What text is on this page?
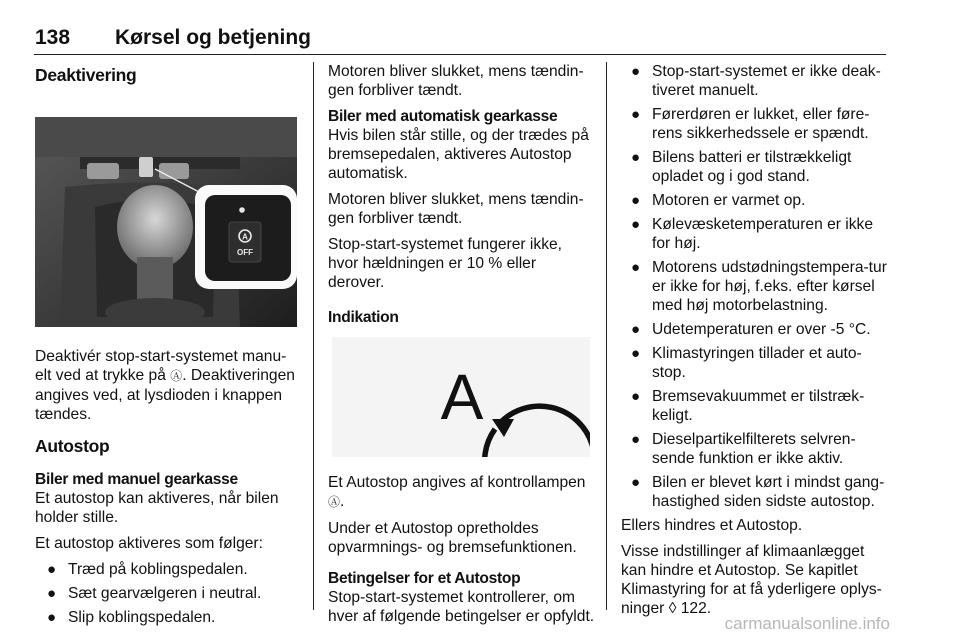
138 Kørsel og betjening
Deaktivering
A
OFF

Deaktivér stop-start-systemet manu-elt ved at trykke på Ⓐ. Deaktiveringen angives ved, at lysdioden i knappen tændes.

Autostop
Biler med manuel gearkasse

Et autostop kan aktiveres, når bilen holder stille.

Et autostop aktiveres som følger:

● Træd på koblingspedalen.
● Sæt gearvælgeren i neutral.
● Slip koblingspedalen.

Motoren bliver slukket, mens tændin-gen forbliver tændt.

Biler med automatisk gearkasse

Hvis bilen står stille, og der trædes på bremsepedalen, aktiveres Autostop automatisk.

Motoren bliver slukket, mens tændin-gen forbliver tændt.

Stop-start-systemet fungerer ikke, hvor hældningen er 10 % eller derover.

Indikation
A

Et Autostop angives af kontrollampen
Ⓐ.

Under et Autostop opretholdes opvarmnings- og bremsefunktionen.

Betingelser for et Autostop

Stop-start-systemet kontrollerer, om hver af følgende betingelser er opfyldt.

● Stop-start-systemet er ikke deak-tiveret manuelt.
● Førerdøren er lukket, eller føre-rens sikkerhedssele er spændt.
● Bilens batteri er tilstrækkeligt opladet og i god stand.
● Motoren er varmet op.
● Kølevæsketemperaturen er ikke for høj.
● Motorens udstødningstempera-tur er ikke for høj, f.eks. efter kørsel med høj motorbelastning.
● Udetemperaturen er over -5 °C.
● Klimastyringen tillader et auto-stop.
● Bremsevakuummet er tilstræk-keligt.
● Dieselpartikelfilterets selvren-sende funktion er ikke aktiv.
● Bilen er blevet kørt i mindst gang-hastighed siden sidste autostop.

Ellers hindres et Autostop.

Visse indstillinger af klimaanlægget kan hindre et Autostop. Se kapitlet Klimastyring for at få yderligere oplys-ninger ◊ 122.

carmanualsonline.info
